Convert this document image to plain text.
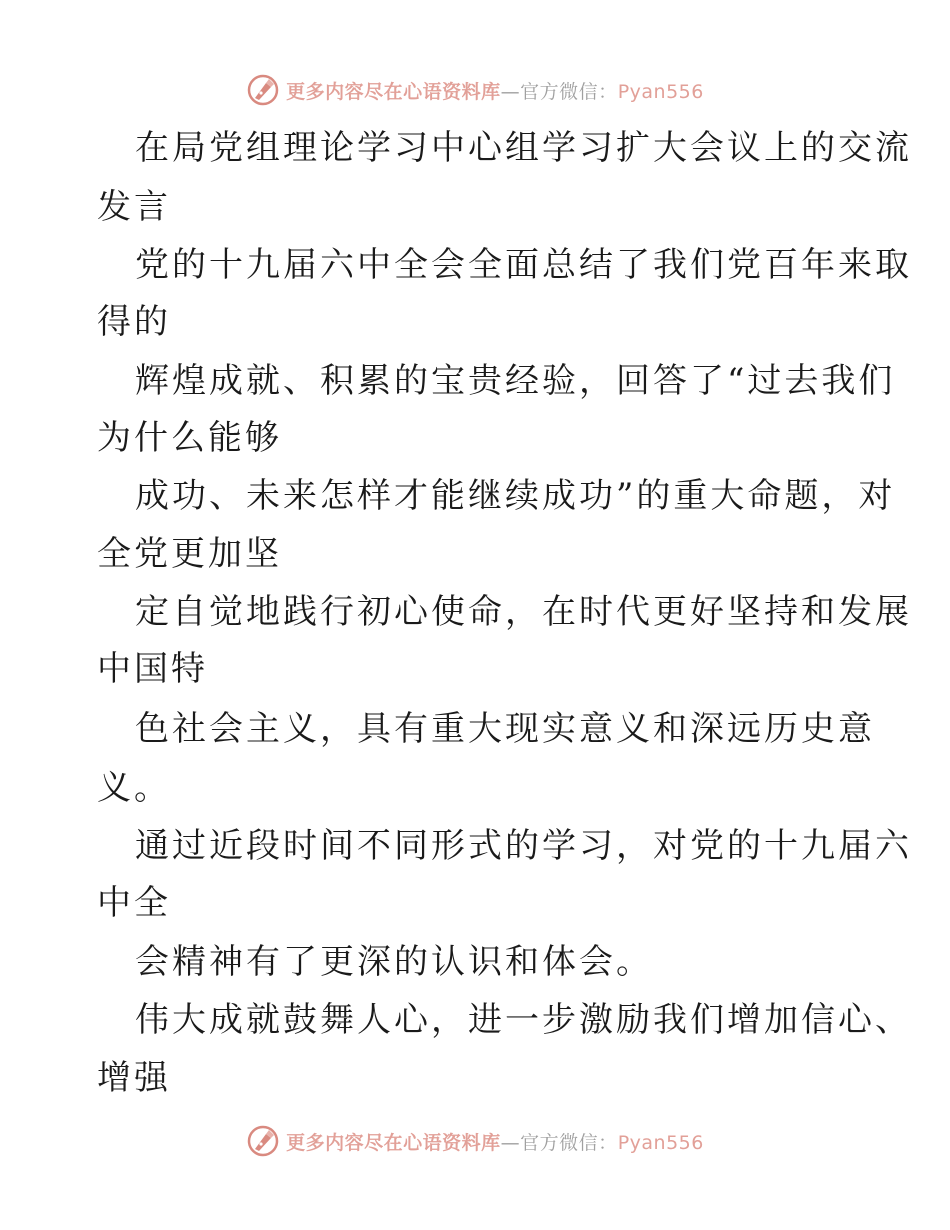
更多内容尽在心语资料库—官方微信：Pyan556
在局党组理论学习中心组学习扩大会议上的交流
发言
党的十九届六中全会全面总结了我们党百年来取
得的
辉煌成就、积累的宝贵经验，回答了“过去我们
为什么能够
成功、未来怎样才能继续成功”的重大命题，对
全党更加坚
定自觉地践行初心使命，在时代更好坚持和发展
中国特
色社会主义，具有重大现实意义和深远历史意
义。
通过近段时间不同形式的学习，对党的十九届六
中全
会精神有了更深的认识和体会。
伟大成就鼓舞人心，进一步激励我们增加信心、
增强
更多内容尽在心语资料库—官方微信：Pyan556
